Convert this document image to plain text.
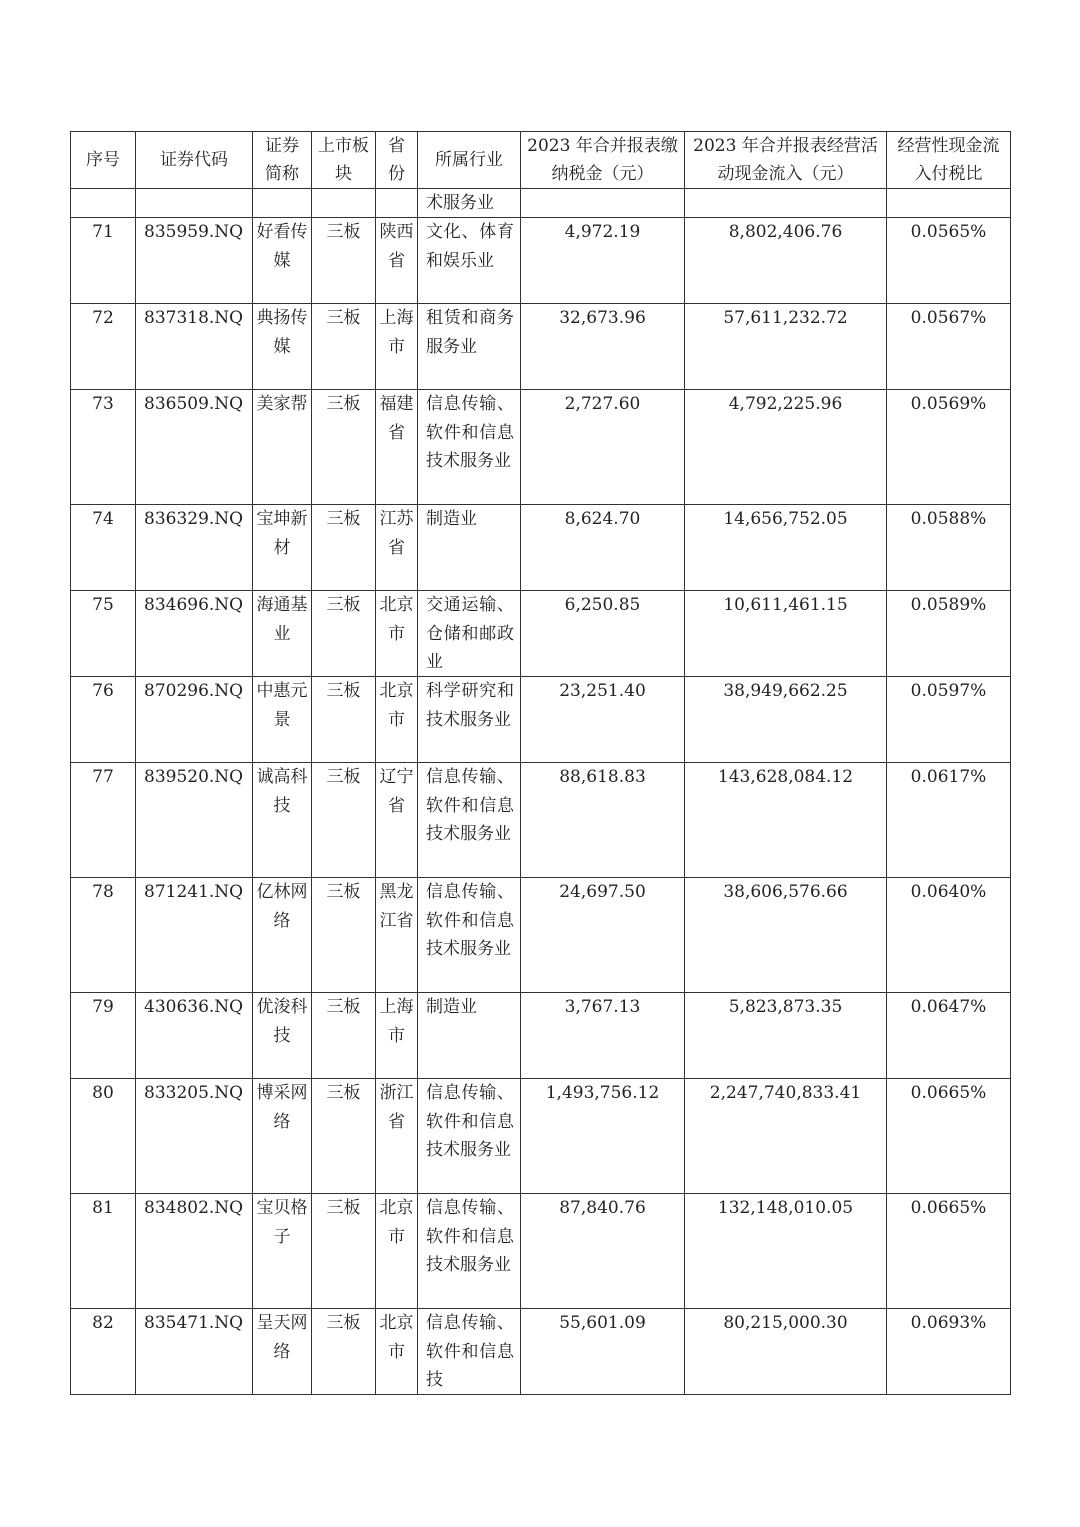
序号	证券代码	证券简称	上市板块	省份	所属行业	2023 年合并报表缴纳税金（元）	2023 年合并报表经营活动现金流入（元）	经营性现金流入付税比
					术服务业			
71	835959.NQ	好看传媒	三板	陕西省	文化、体育和娱乐业	4,972.19	8,802,406.76	0.0565%
72	837318.NQ	典扬传媒	三板	上海市	租赁和商务服务业	32,673.96	57,611,232.72	0.0567%
73	836509.NQ	美家帮	三板	福建省	信息传输、软件和信息技术服务业	2,727.60	4,792,225.96	0.0569%
74	836329.NQ	宝坤新材	三板	江苏省	制造业	8,624.70	14,656,752.05	0.0588%
75	834696.NQ	海通基业	三板	北京市	交通运输、仓储和邮政业	6,250.85	10,611,461.15	0.0589%
76	870296.NQ	中惠元景	三板	北京市	科学研究和技术服务业	23,251.40	38,949,662.25	0.0597%
77	839520.NQ	诚高科技	三板	辽宁省	信息传输、软件和信息技术服务业	88,618.83	143,628,084.12	0.0617%
78	871241.NQ	亿林网络	三板	黑龙江省	信息传输、软件和信息技术服务业	24,697.50	38,606,576.66	0.0640%
79	430636.NQ	优浚科技	三板	上海市	制造业	3,767.13	5,823,873.35	0.0647%
80	833205.NQ	博采网络	三板	浙江省	信息传输、软件和信息技术服务业	1,493,756.12	2,247,740,833.41	0.0665%
81	834802.NQ	宝贝格子	三板	北京市	信息传输、软件和信息技术服务业	87,840.76	132,148,010.05	0.0665%
82	835471.NQ	呈天网络	三板	北京市	信息传输、软件和信息技	55,601.09	80,215,000.30	0.0693%
